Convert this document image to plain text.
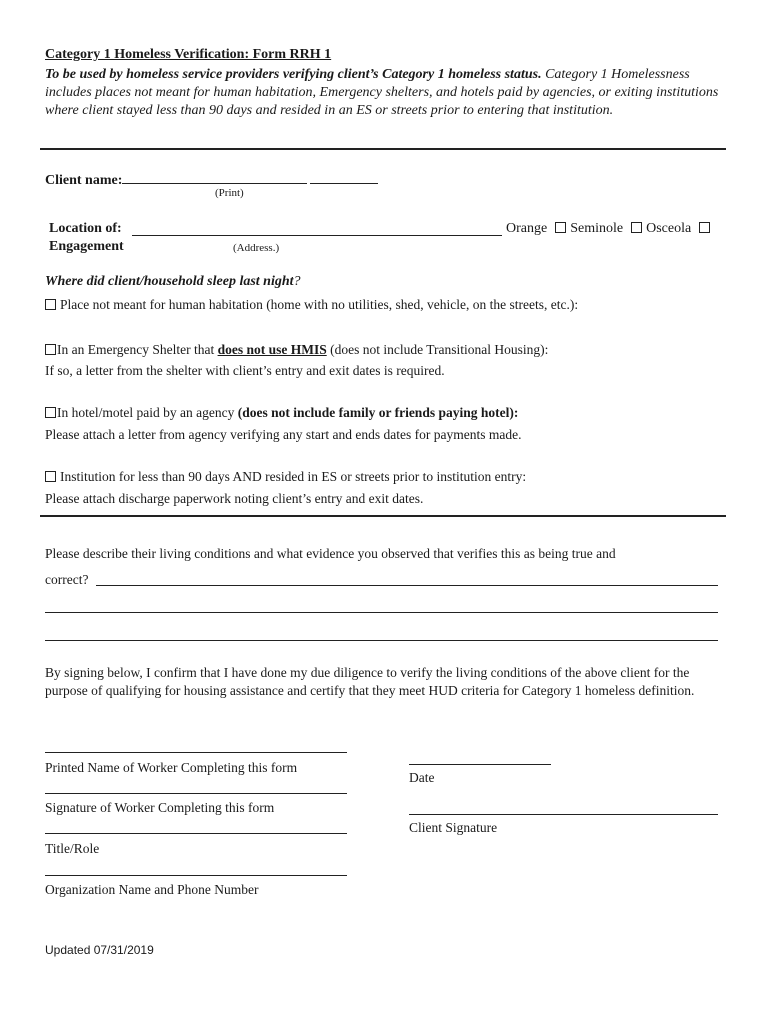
Category 1 Homeless Verification: Form RRH 1
To be used by homeless service providers verifying client’s Category 1 homeless status. Category 1 Homelessness includes places not meant for human habitation, Emergency shelters, and hotels paid by agencies, or exiting institutions where client stayed less than 90 days and resided in an ES or streets prior to entering that institution.
Client name:
(Print)
Location of:
Engagement
Orange Seminole Osceola
(Address.)
Where did client/household sleep last night?
Place not meant for human habitation (home with no utilities, shed, vehicle, on the streets, etc.):
In an Emergency Shelter that does not use HMIS (does not include Transitional Housing):
If so, a letter from the shelter with client’s entry and exit dates is required.
In hotel/motel paid by an agency (does not include family or friends paying hotel):
Please attach a letter from agency verifying any start and ends dates for payments made.
Institution for less than 90 days AND resided in ES or streets prior to institution entry:
Please attach discharge paperwork noting client’s entry and exit dates.
Please describe their living conditions and what evidence you observed that verifies this as being true and
correct?
By signing below, I confirm that I have done my due diligence to verify the living conditions of the above client for the purpose of qualifying for housing assistance and certify that they meet HUD criteria for Category 1 homeless definition.
Printed Name of Worker Completing this form
Signature of Worker Completing this form
Title/Role
Organization Name and Phone Number
Date
Client Signature
Updated 07/31/2019
